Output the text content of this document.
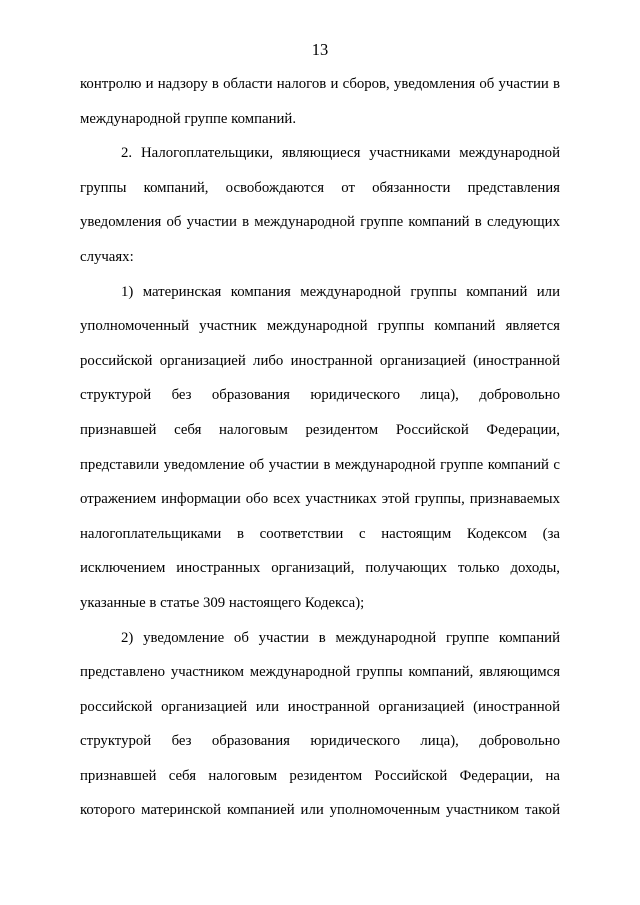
13
контролю и надзору в области налогов и сборов, уведомления об участии в
международной группе компаний.
2. Налогоплательщики, являющиеся участниками международной
группы компаний, освобождаются от обязанности представления
уведомления об участии в международной группе компаний в следующих
случаях:
1) материнская компания международной группы компаний или
уполномоченный участник международной группы компаний является
российской организацией либо иностранной организацией (иностранной
структурой без образования юридического лица), добровольно
признавшей себя налоговым резидентом Российской Федерации,
представили уведомление об участии в международной группе компаний с
отражением информации обо всех участниках этой группы, признаваемых
налогоплательщиками в соответствии с настоящим Кодексом (за
исключением иностранных организаций, получающих только доходы,
указанные в статье 309 настоящего Кодекса);
2) уведомление об участии в международной группе компаний
представлено участником международной группы компаний, являющимся
российской организацией или иностранной организацией (иностранной
структурой без образования юридического лица), добровольно
признавшей себя налоговым резидентом Российской Федерации, на
которого материнской компанией или уполномоченным участником такой
